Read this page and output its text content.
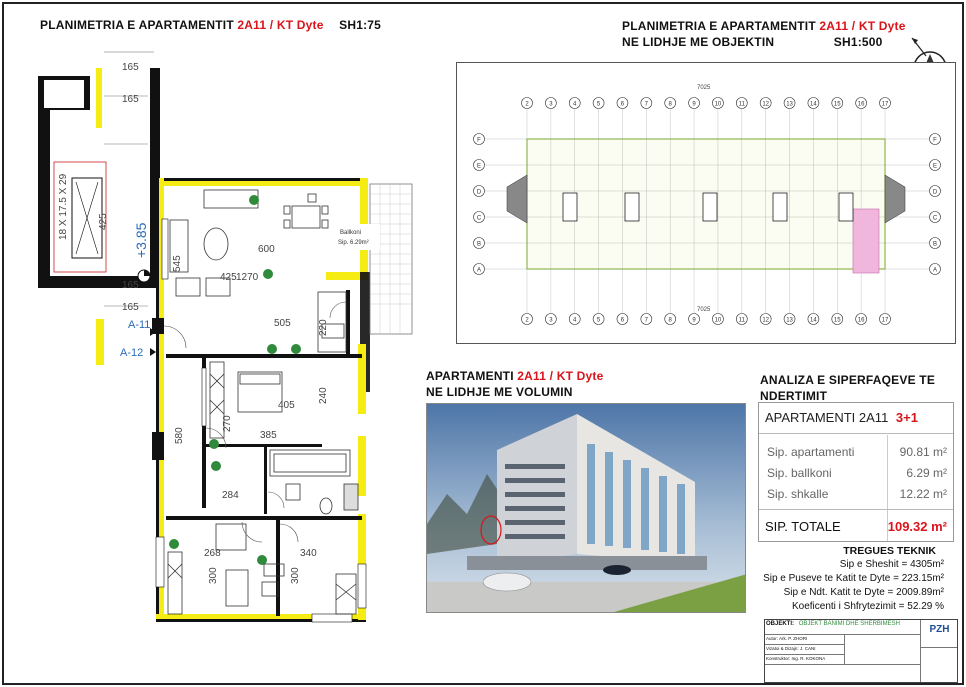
PLANIMETRIA E APARTAMENTIT 2A11 / KT Dyte SH1:75	PLANIMETRIA E APARTAMENTIT 2A11 / KT Dyte
NE LIDHJE ME OBJEKTIN	SH1:500
18 X 17.5 X 29
+3.85
A-11
A-12
Ballkoni
Sip. 6.29m²
165
165
165
165
425
545
505
405
385
284
268	340
300	300
240
270
580
425 1270
220
600
2	3	4	5	6	7	8	9	10	11	12	13	14	15	16	17
2	3	4	5	6	7	8	9	10	11	12	13	14	15	16	17
F
E
D
C
B
A
F
E
D
C
B
A
7025
7025
APARTAMENTI 2A11 / KT Dyte
NE LIDHJE ME VOLUMIN
ANALIZA E SIPERFAQEVE TE
NDERTIMIT
APARTAMENTI 2A11 3+1
Sip. apartamenti	90.81 m²
Sip. ballkoni	6.29 m²
Sip. shkalle	12.22 m²
SIP. TOTALE	109.32 m²
TREGUES TEKNIK
Sip e Sheshit = 4305m²
Sip e Puseve te Katit te Dyte = 223.15m²
Sip e Ndt. Katit te Dyte = 2009.89m²
Koeficenti i Shfrytezimit = 52.29 %
OBJEKTI: OBJEKT BANIMI DHE SHERBIMESH	PZH
Autor: Ark. P. ZHORI
Vizatoi & Dizajn: J. CANI
Konstruktor: Ing. R. KOKONA
